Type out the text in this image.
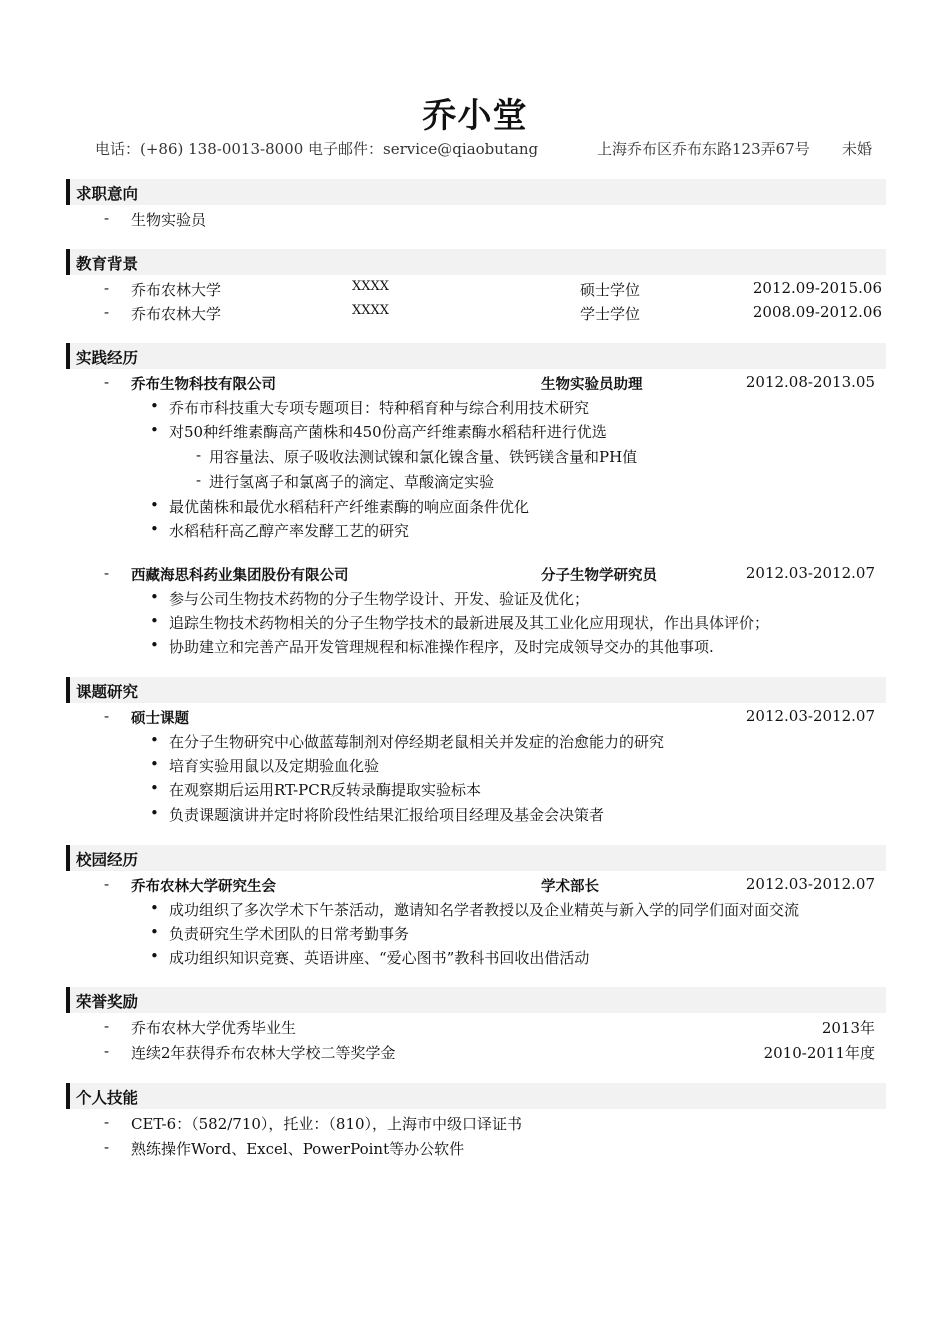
乔小堂
电话：(+86) 138-0013-8000 电子邮件：service@qiaobutang	上海乔布区乔布东路123弄67号 未婚
求职意向
- 生物实验员
教育背景
- 乔布农林大学	XXXX	硕士学位	2012.09-2015.06
- 乔布农林大学	XXXX	学士学位	2008.09-2012.06
实践经历
- 乔布生物科技有限公司	生物实验员助理	2012.08-2013.05
• 乔布市科技重大专项专题项目：特种稻育种与综合利用技术研究
• 对50种纤维素酶高产菌株和450份高产纤维素酶水稻秸秆进行优选
- 用容量法、原子吸收法测试镍和氯化镍含量、铁钙镁含量和PH值
- 进行氢离子和氯离子的滴定、草酸滴定实验
• 最优菌株和最优水稻秸秆产纤维素酶的响应面条件优化
• 水稻秸秆高乙醇产率发酵工艺的研究
- 西藏海思科药业集团股份有限公司	分子生物学研究员	2012.03-2012.07
• 参与公司生物技术药物的分子生物学设计、开发、验证及优化；
• 追踪生物技术药物相关的分子生物学技术的最新进展及其工业化应用现状，作出具体评价；
• 协助建立和完善产品开发管理规程和标准操作程序，及时完成领导交办的其他事项.
课题研究
- 硕士课题	2012.03-2012.07
• 在分子生物研究中心做蓝莓制剂对停经期老鼠相关并发症的治愈能力的研究
• 培育实验用鼠以及定期验血化验
• 在观察期后运用RT-PCR反转录酶提取实验标本
• 负责课题演讲并定时将阶段性结果汇报给项目经理及基金会决策者
校园经历
- 乔布农林大学研究生会	学术部长	2012.03-2012.07
• 成功组织了多次学术下午茶活动，邀请知名学者教授以及企业精英与新入学的同学们面对面交流
• 负责研究生学术团队的日常考勤事务
• 成功组织知识竞赛、英语讲座、“爱心图书”教科书回收出借活动
荣誉奖励
- 乔布农林大学优秀毕业生	2013年
- 连续2年获得乔布农林大学校二等奖学金	2010-2011年度
个人技能
- CET-6：（582/710），托业：（810），上海市中级口译证书
- 熟练操作Word、Excel、PowerPoint等办公软件
